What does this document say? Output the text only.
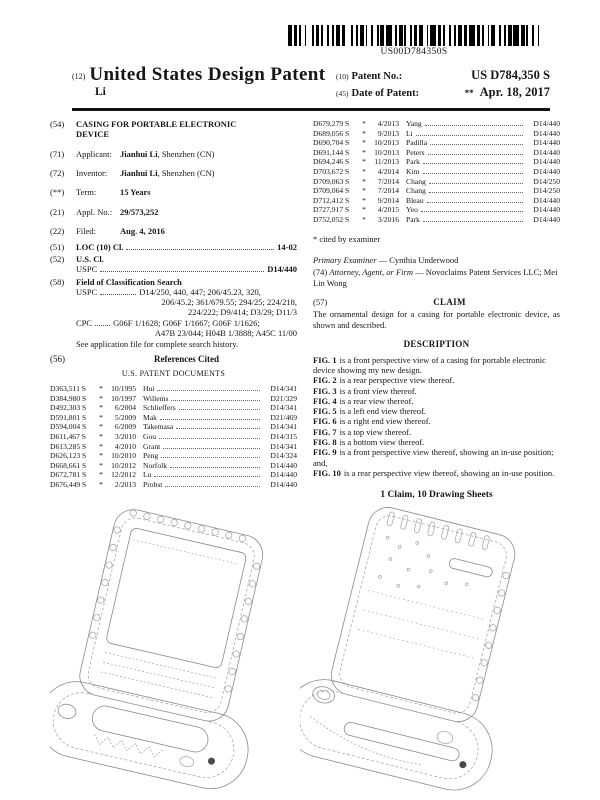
US00D784350S
(12) United States Design Patent
Li
(10) Patent No.:	US D784,350 S
(45) Date of Patent:	** Apr. 18, 2017
(54)	CASING FOR PORTABLE ELECTRONIC DEVICE
(71)	Applicant: Jianhui Li, Shenzhen (CN)
(72)	Inventor: Jianhui Li, Shenzhen (CN)
(**)	Term:	15 Years
(21)	Appl. No.: 29/573,252
(22)	Filed:	Aug. 4, 2016
(51)	LOC (10) Cl.	14-02
(52)	U.S. Cl.
USPC	D14/440
(58)	Field of Classification Search
USPC	D14/250, 440, 447; 206/45.23, 320,
206/45.2; 361/679.55; 294/25; 224/218,
224/222; D9/414; D3/29; D11/3
CPC G06F 1/1628; G06F 1/1667; G06F 1/1626;
A47B 23/044; H04B 1/3888; A45C 11/00
See application file for complete search history.
(56)	References Cited
U.S. PATENT DOCUMENTS
D363,511 S	*	10/1995 Hui	D14/341
D384,980 S	*	10/1997 Willems	D21/329
D492,303 S	*	6/2004 Schlieffers	D14/341
D591,801 S	*	5/2009 Mak	D21/469
D594,004 S	*	6/2009 Takemasa	D14/341
D611,467 S	*	3/2010 Gou	D14/315
D613,285 S	*	4/2010 Grant	D14/341
D626,123 S	*	10/2010 Peng	D14/324
D668,661 S	*	10/2012 Norfolk	D14/440
D672,781 S	*	12/2012 Lu	D14/440
D676,449 S	*	2/2013 Probst	D14/440
D679,279 S	*	4/2013 Yang	D14/440
D689,056 S	*	9/2013 Li	D14/440
D690,704 S	*	10/2013 Padilla	D14/440
D691,144 S	*	10/2013 Peters	D14/440
D694,246 S	*	11/2013 Park	D14/440
D703,672 S	*	4/2014 Kim	D14/440
D709,063 S	*	7/2014 Chang	D14/250
D709,064 S	*	7/2014 Chang	D14/250
D712,412 S	*	9/2014 Bleau	D14/440
D727,917 S	*	4/2015 Yeo	D14/440
D752,052 S	*	3/2016 Park	D14/440
* cited by examiner
Primary Examiner — Cynthia Underwood
(74) Attorney, Agent, or Firm — Novoclaims Patent Services LLC; Mei Lin Wong
(57)	CLAIM
The ornamental design for a casing for portable electronic device, as shown and described.
DESCRIPTION
FIG. 1 is a front perspective view of a casing for portable electronic device showing my new design.
FIG. 2 is a rear perspective view thereof.
FIG. 3 is a front view thereof.
FIG. 4 is a rear view thereof.
FIG. 5 is a left end view thereof.
FIG. 6 is a right end view thereof.
FIG. 7 is a top view thereof.
FIG. 8 is a bottom view thereof.
FIG. 9 is a front perspective view thereof, showing an in-use position; and,
FIG. 10 is a rear perspective view thereof, showing an in-use position.
1 Claim, 10 Drawing Sheets
